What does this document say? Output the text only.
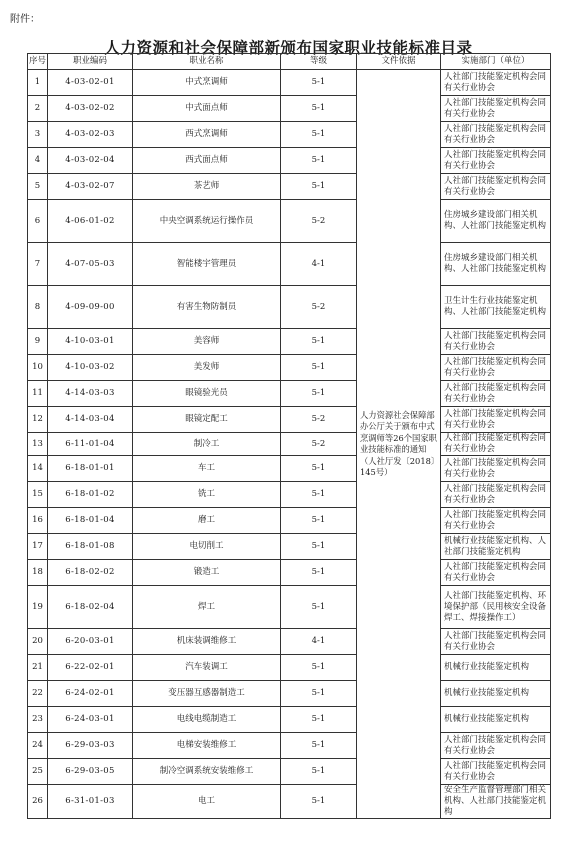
附件：
人力资源和社会保障部新颁布国家职业技能标准目录
序号	职业编码	职业名称	等级	文件依据	实施部门（单位）
1	4-03-02-01	中式烹调师	5-1	人力资源社会保障部办公厅关于颁布中式烹调师等26个国家职业技能标准的通知（人社厅发〔2018〕145号）	人社部门技能鉴定机构会同有关行业协会
2	4-03-02-02	中式面点师	5-1		人社部门技能鉴定机构会同有关行业协会
3	4-03-02-03	西式烹调师	5-1		人社部门技能鉴定机构会同有关行业协会
4	4-03-02-04	西式面点师	5-1		人社部门技能鉴定机构会同有关行业协会
5	4-03-02-07	茶艺师	5-1		人社部门技能鉴定机构会同有关行业协会
6	4-06-01-02	中央空调系统运行操作员	5-2		住房城乡建设部门相关机构、人社部门技能鉴定机构
7	4-07-05-03	智能楼宇管理员	4-1		住房城乡建设部门相关机构、人社部门技能鉴定机构
8	4-09-09-00	有害生物防制员	5-2		卫生计生行业技能鉴定机构、人社部门技能鉴定机构
9	4-10-03-01	美容师	5-1		人社部门技能鉴定机构会同有关行业协会
10	4-10-03-02	美发师	5-1		人社部门技能鉴定机构会同有关行业协会
11	4-14-03-03	眼镜验光员	5-1		人社部门技能鉴定机构会同有关行业协会
12	4-14-03-04	眼镜定配工	5-2		人社部门技能鉴定机构会同有关行业协会
13	6-11-01-04	制冷工	5-2		人社部门技能鉴定机构会同有关行业协会
14	6-18-01-01	车工	5-1		人社部门技能鉴定机构会同有关行业协会
15	6-18-01-02	铣工	5-1		人社部门技能鉴定机构会同有关行业协会
16	6-18-01-04	磨工	5-1		人社部门技能鉴定机构会同有关行业协会
17	6-18-01-08	电切削工	5-1		机械行业技能鉴定机构、人社部门技能鉴定机构
18	6-18-02-02	锻造工	5-1		人社部门技能鉴定机构会同有关行业协会
19	6-18-02-04	焊工	5-1		人社部门技能鉴定机构、环境保护部（民用核安全设备焊工、焊接操作工）
20	6-20-03-01	机床装调维修工	4-1		人社部门技能鉴定机构会同有关行业协会
21	6-22-02-01	汽车装调工	5-1		机械行业技能鉴定机构
22	6-24-02-01	变压器互感器制造工	5-1		机械行业技能鉴定机构
23	6-24-03-01	电线电缆制造工	5-1		机械行业技能鉴定机构
24	6-29-03-03	电梯安装维修工	5-1		人社部门技能鉴定机构会同有关行业协会
25	6-29-03-05	制冷空调系统安装维修工	5-1		人社部门技能鉴定机构会同有关行业协会
26	6-31-01-03	电工	5-1		安全生产监督管理部门相关机构、人社部门技能鉴定机构
